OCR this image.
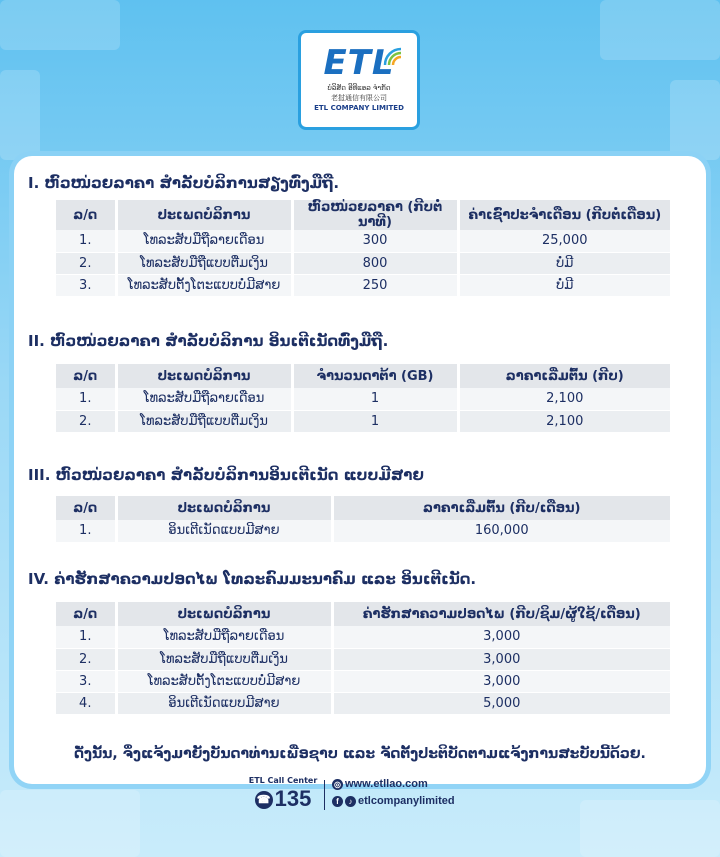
ETL
ບໍລິສັດ ອີທີແອລ ຈຳກັດ
老挝通信有限公司
ETL COMPANY LIMITED
I. ຫົວໜ່ວຍລາຄາ ສຳລັບບໍລິການສຽງທົ່ງມືຖື.
ລ/ດ	ປະເພດບໍລິການ	ຫົວໜ່ວຍລາຄາ (ກີບຕໍ່ນາທີ)	ຄ່າເຊົ່າປະຈຳເດືອນ (ກີບຕໍ່ເດືອນ)
1.	ໂທລະສັບມືຖືລາຍເດືອນ	300	25,000
2.	ໂທລະສັບມືຖືແບບຕື່ມເງິນ	800	ບໍ່ມີ
3.	ໂທລະສັບຕັ້ງໂຕະແບບບໍ່ມີສາຍ	250	ບໍ່ມີ
II. ຫົວໜ່ວຍລາຄາ ສຳລັບບໍລິການ ອິນເຕີເນັດທົ່ງມືຖື.
ລ/ດ	ປະເພດບໍລິການ	ຈຳນວນດາຕ້າ (GB)	ລາຄາເລີ່ມຕົ້ນ (ກີບ)
1.	ໂທລະສັບມືຖືລາຍເດືອນ	1	2,100
2.	ໂທລະສັບມືຖືແບບຕື່ມເງິນ	1	2,100
III. ຫົວໜ່ວຍລາຄາ ສຳລັບບໍລິການອິນເຕີເນັດ ແບບມີສາຍ
ລ/ດ	ປະເພດບໍລິການ	ລາຄາເລີ່ມຕົ້ນ (ກີບ/ເດືອນ)
1.	ອິນເຕີເນັດແບບມີສາຍ	160,000
IV. ຄ່າຮັກສາຄວາມປອດໄພ ໂທລະຄົມມະນາຄົມ ແລະ ອິນເຕີເນັດ.
ລ/ດ	ປະເພດບໍລິການ	ຄ່າຮັກສາຄວາມປອດໄພ (ກີບ/ຊິມ/ຜູ້ໃຊ້/ເດືອນ)
1.	ໂທລະສັບມືຖືລາຍເດືອນ	3,000
2.	ໂທລະສັບມືຖືແບບຕື່ມເງິນ	3,000
3.	ໂທລະສັບຕັ້ງໂຕະແບບບໍ່ມີສາຍ	3,000
4.	ອິນເຕີເນັດແບບມີສາຍ	5,000
ດັ່ງນັ້ນ, ຈຶ່ງແຈ້ງມາຍັງບັນດາທ່ານເພື່ອຊາບ ແລະ ຈັດຕັ້ງປະຕິບັດຕາມແຈ້ງການສະບັບນີ້ດ້ວຍ.
ETL Call Center
☎ 135
◎ www.etllao.com
f ♪ etlcompanylimited
